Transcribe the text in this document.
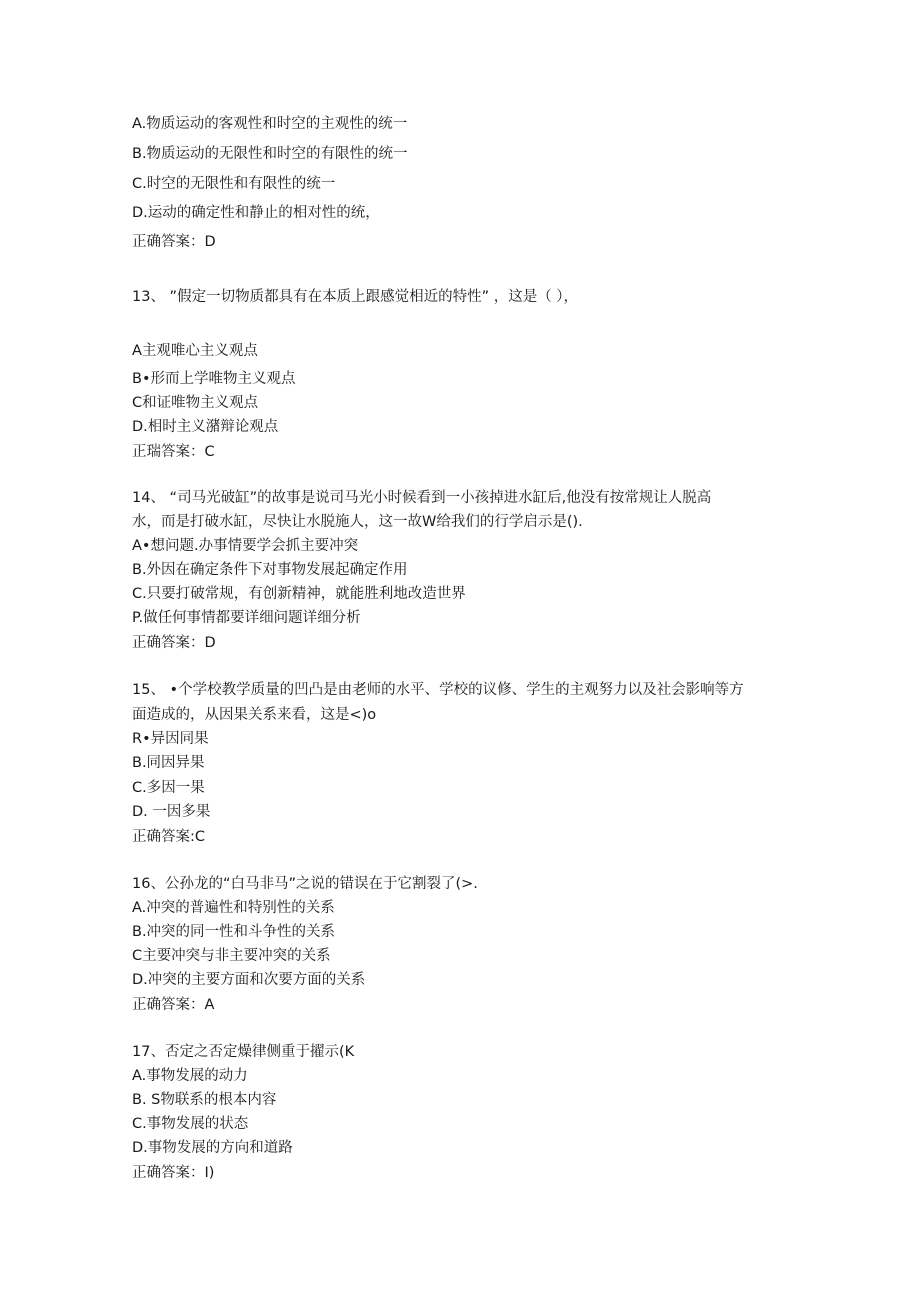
A.物质运动的客观性和时空的主观性的统一
B.物质运动的无限性和时空的有限性的统一
C.时空的无限性和有限性的统一
D.运动的确定性和静止的相对性的统，
正确答案：D
13、 ”假定一切物质都具有在本质上跟感觉相近的特性” ，这是（ ），
A主观唯心主义观点
B•形而上学唯物主义观点
C和证唯物主义观点
D.相时主义潴辩论观点
正瑞答案：C
14、 “司马光破缸”的故事是说司马光小时候看到一小孩掉进水缸后,他没有按常规让人脱高
水，而是打破水缸，尽快让水脱施人，这一故W给我们的行学启示是().
A•想问题.办事情要学会抓主要冲突
B.外因在确定条件下对事物发展起确定作用
C.只要打破常规，有创新精神，就能胜利地改造世界
P.做任何事情都要详细问题详细分析
正确答案：D
15、 •个学校教学质量的凹凸是由老师的水平、学校的议修、学生的主观努力以及社会影响等方
面造成的，从因果关系来看，这是<)o
R•异因同果
B.同因异果
C.多因一果
D. 一因多果
正确答案:C
16、公孙龙的“白马非马”之说的错误在于它割裂了(>.
A.冲突的普遍性和特别性的关系
B.冲突的同一性和斗争性的关系
C主要冲突与非主要冲突的关系
D.冲突的主要方面和次要方面的关系
正确答案：A
17、否定之否定燥律侧重于擢示(K
A.事物发展的动力
B. S物联系的根本内容
C.事物发展的状态
D.事物发展的方向和道路
正确答案：I)
